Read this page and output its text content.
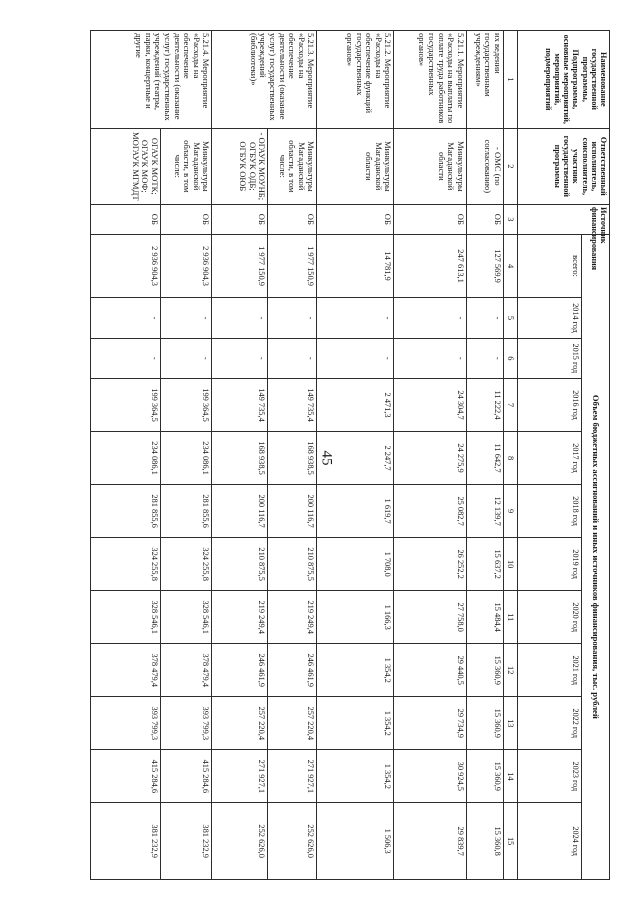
45
Наименование государственной программы, Подпрограммы, основные мероприятий, мероприятий, подмероприятий	Ответственный исполнитель, соисполнитель, участник государственной программы	Источник финансирования	Объем бюджетных ассигнований и иных источников финансирования, тыс. рублей											
			всего:	2014 год	2015 год	2016 год	2017 год	2018 год	2019 год	2020 год	2021 год	2022 год	2023 год	2024 год
1	2	3	4	5	6	7	8	9	10	11	12	13	14	15
их ведении государственным учреждениям»	- ОМС (по согласованию)	ОБ	127 569,9	-	-	11 222,4	11 642,7	12 139,7	15 637,2	15 484,4	15 360,9	15 360,9	15 360,9	15 360,8
5.21.1. Мероприятие «Расходы на выплаты по оплате труда работников государственных органов»	Минкультуры Магаданской области	ОБ	247 613,1	-	-	24 304,7	24 275,9	25 082,7	26 252,2	27 758,0	29 440,5	29 734,9	30 924,5	29 839,7
5.21.2. Мероприятие «Расходы на обеспечение функций государственных органов»	Минкультуры Магаданской области	ОБ	14 781,9	-	-	2 471,3	2 247,7	1 619,7	1 708,0	1 166,3	1 354,2	1 354,2	1 354,2	1 506,3
5.21.3. Мероприятие «Расходы на обеспечение деятельности (оказание услуг) государственных учреждений (библиотеки)»	Минкультуры Магаданской области, в том числе:	ОБ	1 977 150,9	-	-	149 735,4	168 938,5	200 116,7	210 875,5	219 249,4	246 461,9	257 220,4	271 927,1	252 626,0
	- ОГАУК МОУНБ; ОГБУК ОДБ; ОГБУК ОЮБ	ОБ	1 977 150,9	-	-	149 735,4	168 938,5	200 116,7	210 875,5	219 249,4	246 461,9	257 220,4	271 927,1	252 626,0
5.21.4. Мероприятие «Расходы на обеспечение деятельности (оказание услуг) государственных учреждений (театры, парки, концертные и другие	Минкультуры Магаданской области, в том числе:	ОБ	2 936 904,3	-	-	199 364,5	234 086,1	281 855,6	324 255,8	328 546,1	378 479,4	393 799,3	415 284,6	381 232,9
	ОГАУК МОТК; ОГАУК МОФ; МОГАУК МГМДТ	ОБ	2 936 904,3	-	-	199 364,5	234 086,1	281 855,6	324 255,8	328 546,1	378 479,4	393 799,3	415 284,6	381 232,9
